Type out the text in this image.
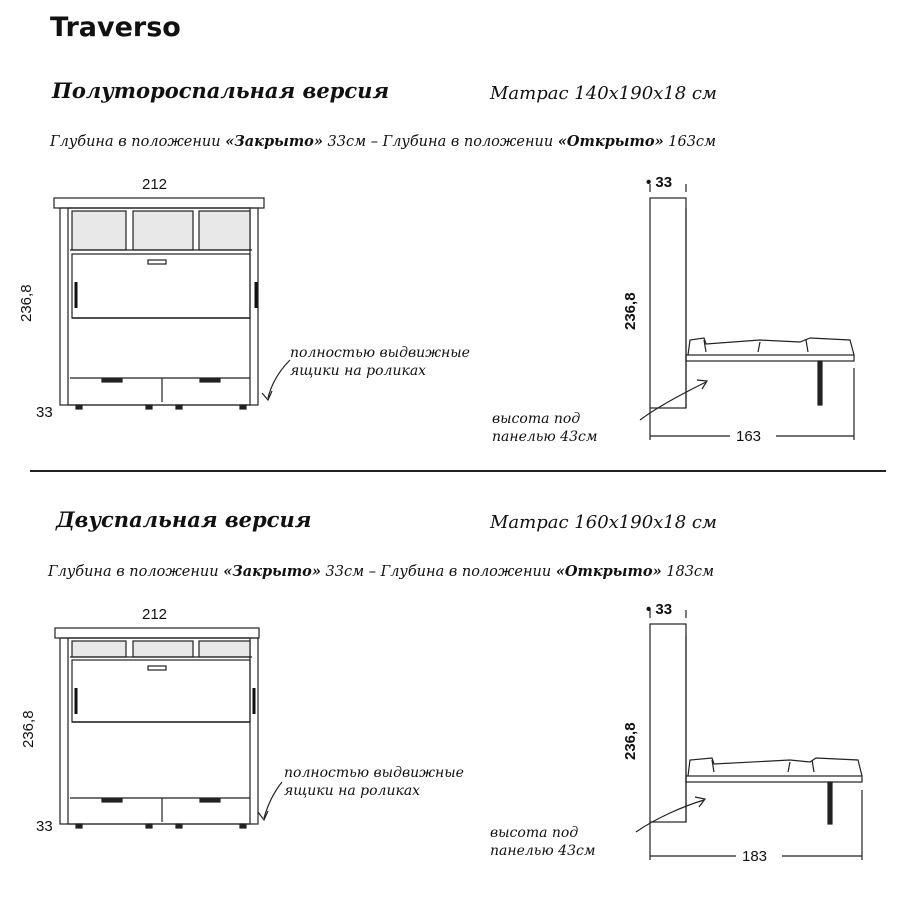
Traverso
Полутороспальная версия	Матрас 140х190х18 см
Глубина в положении «Закрыто» 33см – Глубина в положении «Открыто» 163см
212
236,8
33
полностью выдвижные
ящики на роликах
• 33
236,8
163
высота под
панелью 43см
Двуспальная версия	Матрас 160х190х18 см
Глубина в положении «Закрыто» 33см – Глубина в положении «Открыто» 183см
212
236,8
33
полностью выдвижные
ящики на роликах
• 33
236,8
183
высота под
панелью 43см
